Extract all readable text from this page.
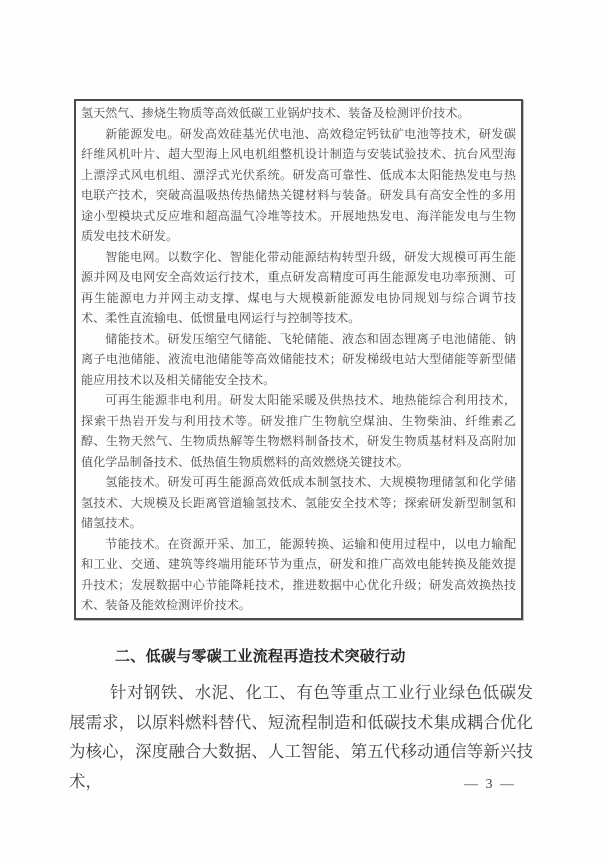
氢天然气、掺烧生物质等高效低碳工业锅炉技术、装备及检测评价技术。

新能源发电。研发高效硅基光伏电池、高效稳定钙钛矿电池等技术，研发碳纤维风机叶片、超大型海上风电机组整机设计制造与安装试验技术、抗台风型海上漂浮式风电机组、漂浮式光伏系统。研发高可靠性、低成本太阳能热发电与热电联产技术，突破高温吸热传热储热关键材料与装备。研发具有高安全性的多用途小型模块式反应堆和超高温气冷堆等技术。开展地热发电、海洋能发电与生物质发电技术研发。

智能电网。以数字化、智能化带动能源结构转型升级，研发大规模可再生能源并网及电网安全高效运行技术，重点研发高精度可再生能源发电功率预测、可再生能源电力并网主动支撑、煤电与大规模新能源发电协同规划与综合调节技术、柔性直流输电、低惯量电网运行与控制等技术。

储能技术。研发压缩空气储能、飞轮储能、液态和固态锂离子电池储能、钠离子电池储能、液流电池储能等高效储能技术；研发梯级电站大型储能等新型储能应用技术以及相关储能安全技术。

可再生能源非电利用。研发太阳能采暖及供热技术、地热能综合利用技术，探索干热岩开发与利用技术等。研发推广生物航空煤油、生物柴油、纤维素乙醇、生物天然气、生物质热解等生物燃料制备技术，研发生物质基材料及高附加值化学品制备技术、低热值生物质燃料的高效燃烧关键技术。

氢能技术。研发可再生能源高效低成本制氢技术、大规模物理储氢和化学储氢技术、大规模及长距离管道输氢技术、氢能安全技术等；探索研发新型制氢和储氢技术。

节能技术。在资源开采、加工，能源转换、运输和使用过程中，以电力输配和工业、交通、建筑等终端用能环节为重点，研发和推广高效电能转换及能效提升技术；发展数据中心节能降耗技术，推进数据中心优化升级；研发高效换热技术、装备及能效检测评价技术。

二、低碳与零碳工业流程再造技术突破行动
针对钢铁、水泥、化工、有色等重点工业行业绿色低碳发展需求，以原料燃料替代、短流程制造和低碳技术集成耦合优化为核心，深度融合大数据、人工智能、第五代移动通信等新兴技术，	— 3 —
